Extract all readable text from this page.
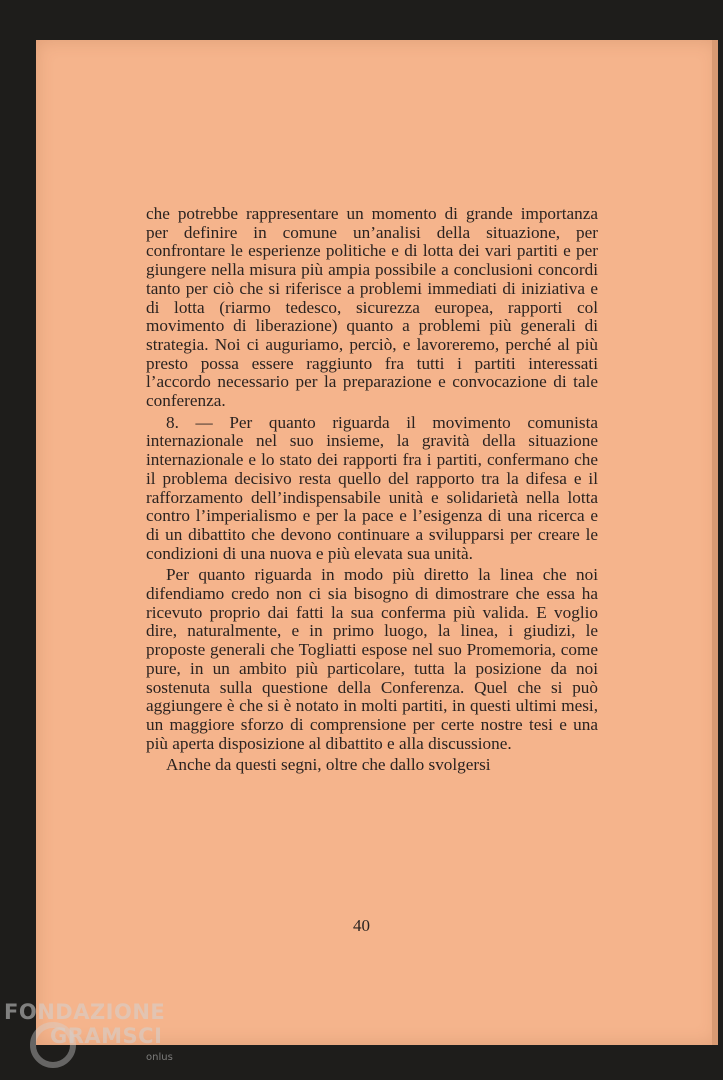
che potrebbe rappresentare un momento di grande importanza per definire in comune un’analisi della situazione, per confrontare le esperienze politiche e di lotta dei vari partiti e per giungere nella misura più ampia possibile a conclusioni concordi tanto per ciò che si riferisce a problemi immediati di iniziativa e di lotta (riarmo tedesco, sicurezza europea, rapporti col movimento di liberazione) quanto a problemi più generali di strategia. Noi ci auguriamo, perciò, e lavoreremo, perché al più presto possa essere raggiunto fra tutti i partiti interessati l’accordo necessario per la preparazione e convocazione di tale conferenza.

8. — Per quanto riguarda il movimento comunista internazionale nel suo insieme, la gravità della situazione internazionale e lo stato dei rapporti fra i partiti, confermano che il problema decisivo resta quello del rapporto tra la difesa e il rafforzamento dell’indispensabile unità e solidarietà nella lotta contro l’imperialismo e per la pace e l’esigenza di una ricerca e di un dibattito che devono continuare a svilupparsi per creare le condizioni di una nuova e più elevata sua unità.

Per quanto riguarda in modo più diretto la linea che noi difendiamo credo non ci sia bisogno di dimostrare che essa ha ricevuto proprio dai fatti la sua conferma più valida. E voglio dire, naturalmente, e in primo luogo, la linea, i giudizi, le proposte generali che Togliatti espose nel suo Promemoria, come pure, in un ambito più particolare, tutta la posizione da noi sostenuta sulla questione della Conferenza. Quel che si può aggiungere è che si è notato in molti partiti, in questi ultimi mesi, un maggiore sforzo di comprensione per certe nostre tesi e una più aperta disposizione al dibattito e alla discussione.

Anche da questi segni, oltre che dallo svolgersi

40
FONDAZIONE
GRAMSCI
onlus
